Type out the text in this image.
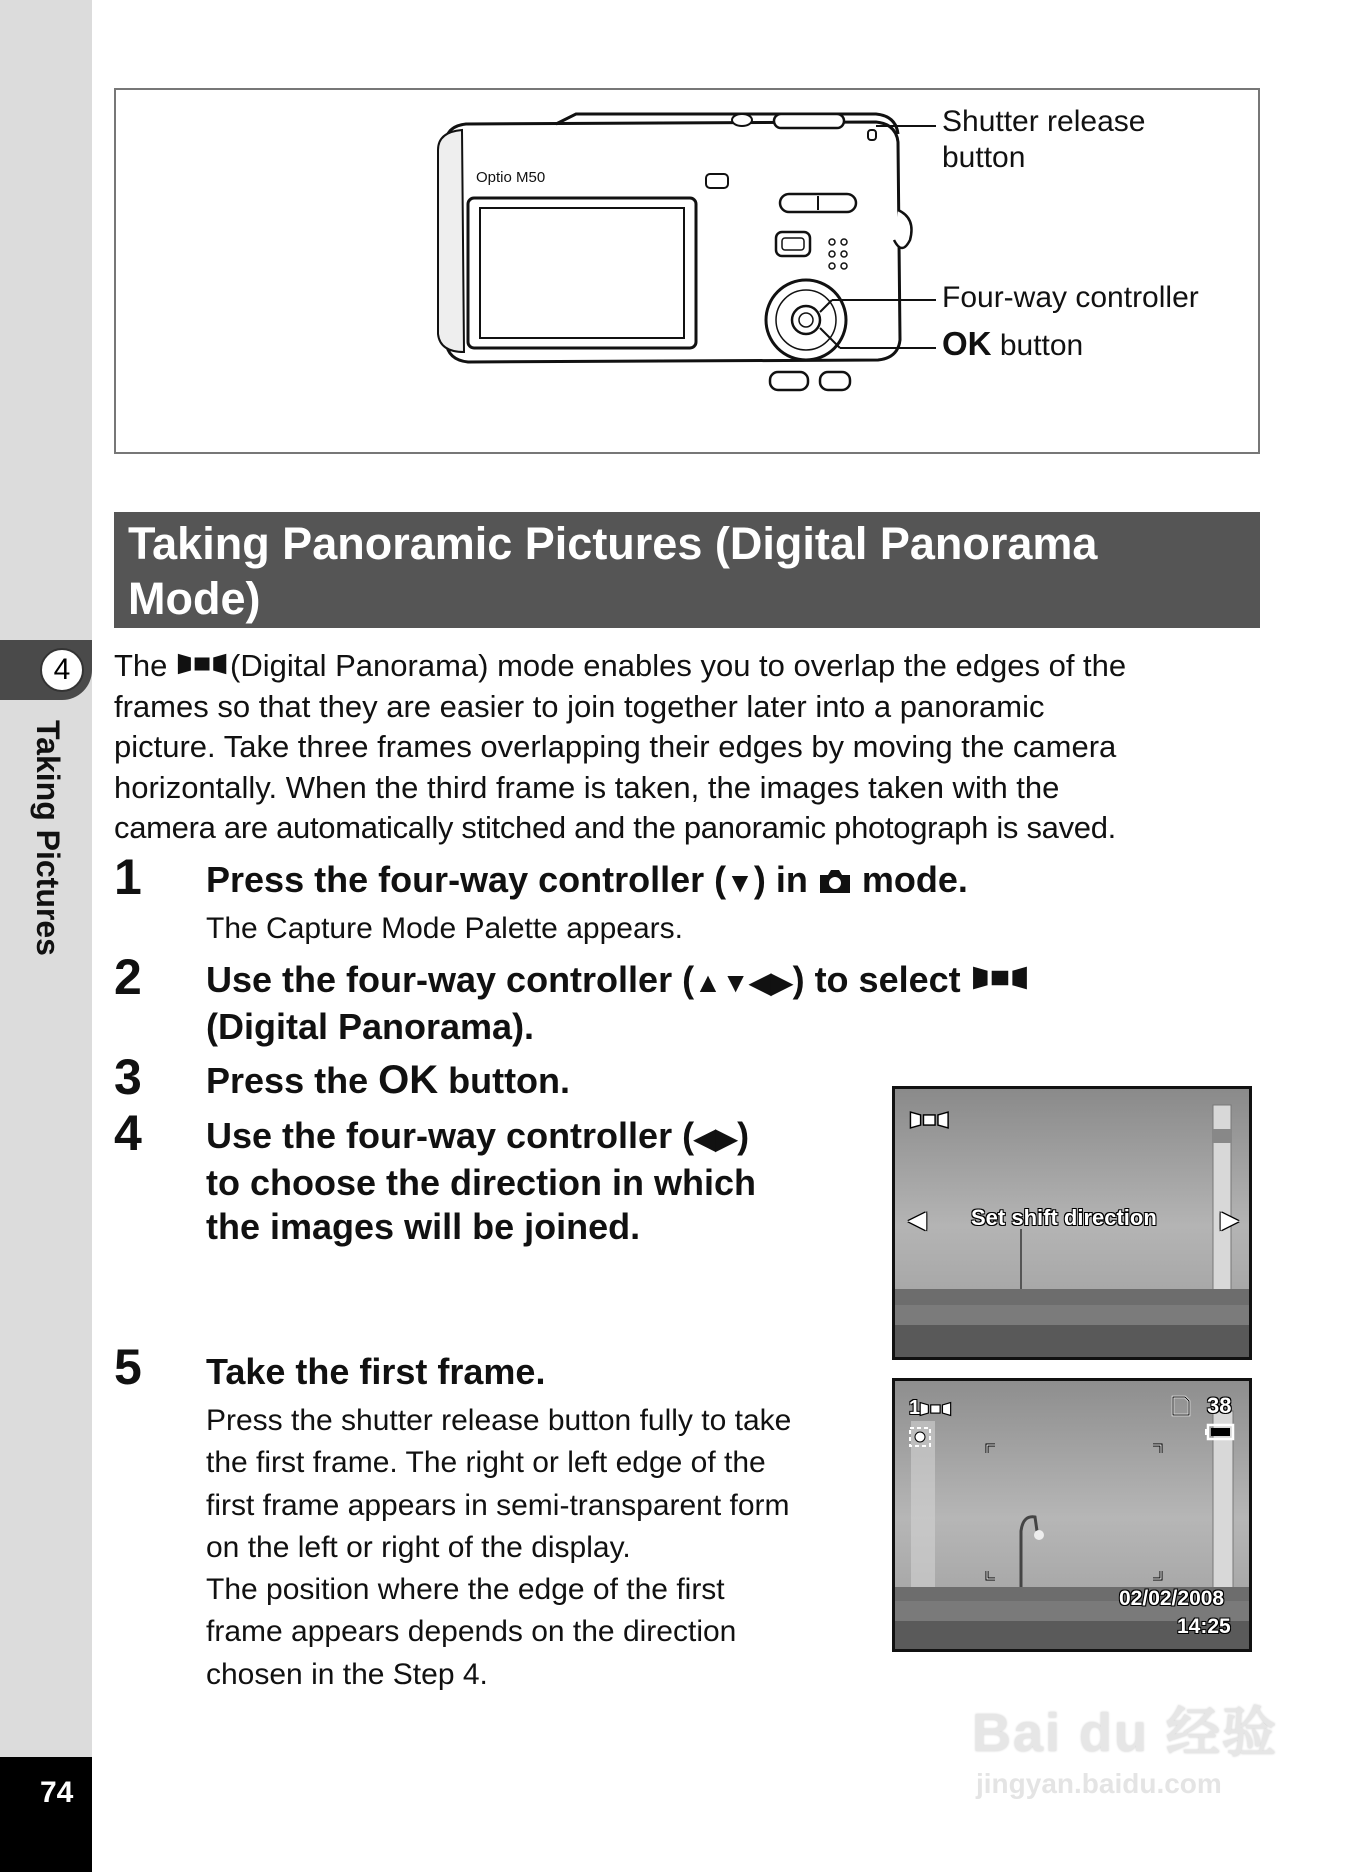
4
Taking Pictures
74
Optio M50
Shutter release
button
Four-way controller
OK button
Taking Panoramic Pictures (Digital Panorama
Mode)
The (Digital Panorama) mode enables you to overlap the edges of the
frames so that they are easier to join together later into a panoramic
picture. Take three frames overlapping their edges by moving the camera
horizontally. When the third frame is taken, the images taken with the
camera are automatically stitched and the panoramic photograph is saved.
1 Press the four-way controller (▼) in  mode.
The Capture Mode Palette appears.
2 Use the four-way controller (▲▼◀▶) to select
(Digital Panorama).
3 Press the OK button.
4 Use the four-way controller (◀▶)
to choose the direction in which
the images will be joined.
5 Take the first frame.
Press the shutter release button fully to take
the first frame. The right or left edge of the
first frame appears in semi-transparent form
on the left or right of the display.
The position where the edge of the first
frame appears depends on the direction
chosen in the Step 4.
◀ Set shift direction	▶
1	38
02/02/2008
14:25
Bai du 经验
jingyan.baidu.com
